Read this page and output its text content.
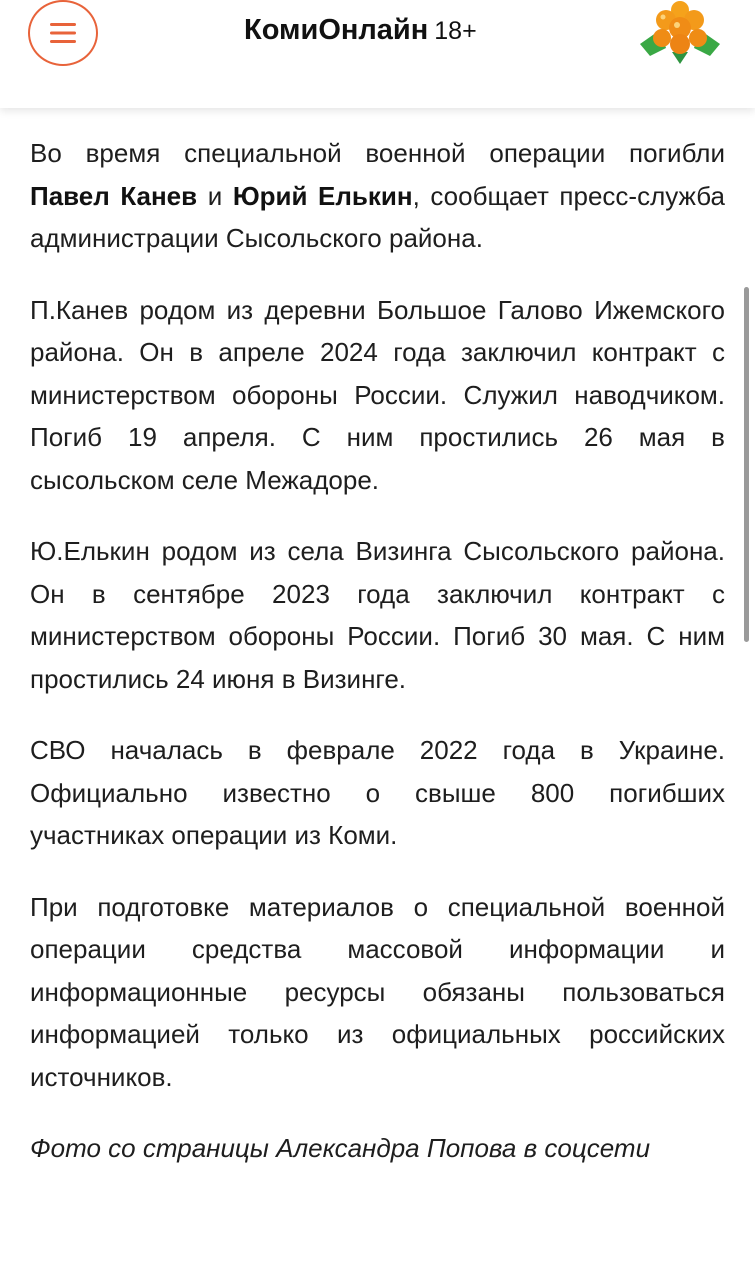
КомиОнлайн 18+

Во время специальной военной операции погибли Павел Канев и Юрий Елькин, сообщает пресс-служба администрации Сысольского района.

П.Канев родом из деревни Большое Галово Ижемского района. Он в апреле 2024 года заключил контракт с министерством обороны России. Служил наводчиком. Погиб 19 апреля. С ним простились 26 мая в сысольском селе Межадоре.

Ю.Елькин родом из села Визинга Сысольского района. Он в сентябре 2023 года заключил контракт с министерством обороны России. Погиб 30 мая. С ним простились 24 июня в Визинге.

СВО началась в феврале 2022 года в Украине. Официально известно о свыше 800 погибших участниках операции из Коми.

При подготовке материалов о специальной военной операции средства массовой информации и информационные ресурсы обязаны пользоваться информацией только из официальных российских источников.

Фото со страницы Александра Попова в соцсети
